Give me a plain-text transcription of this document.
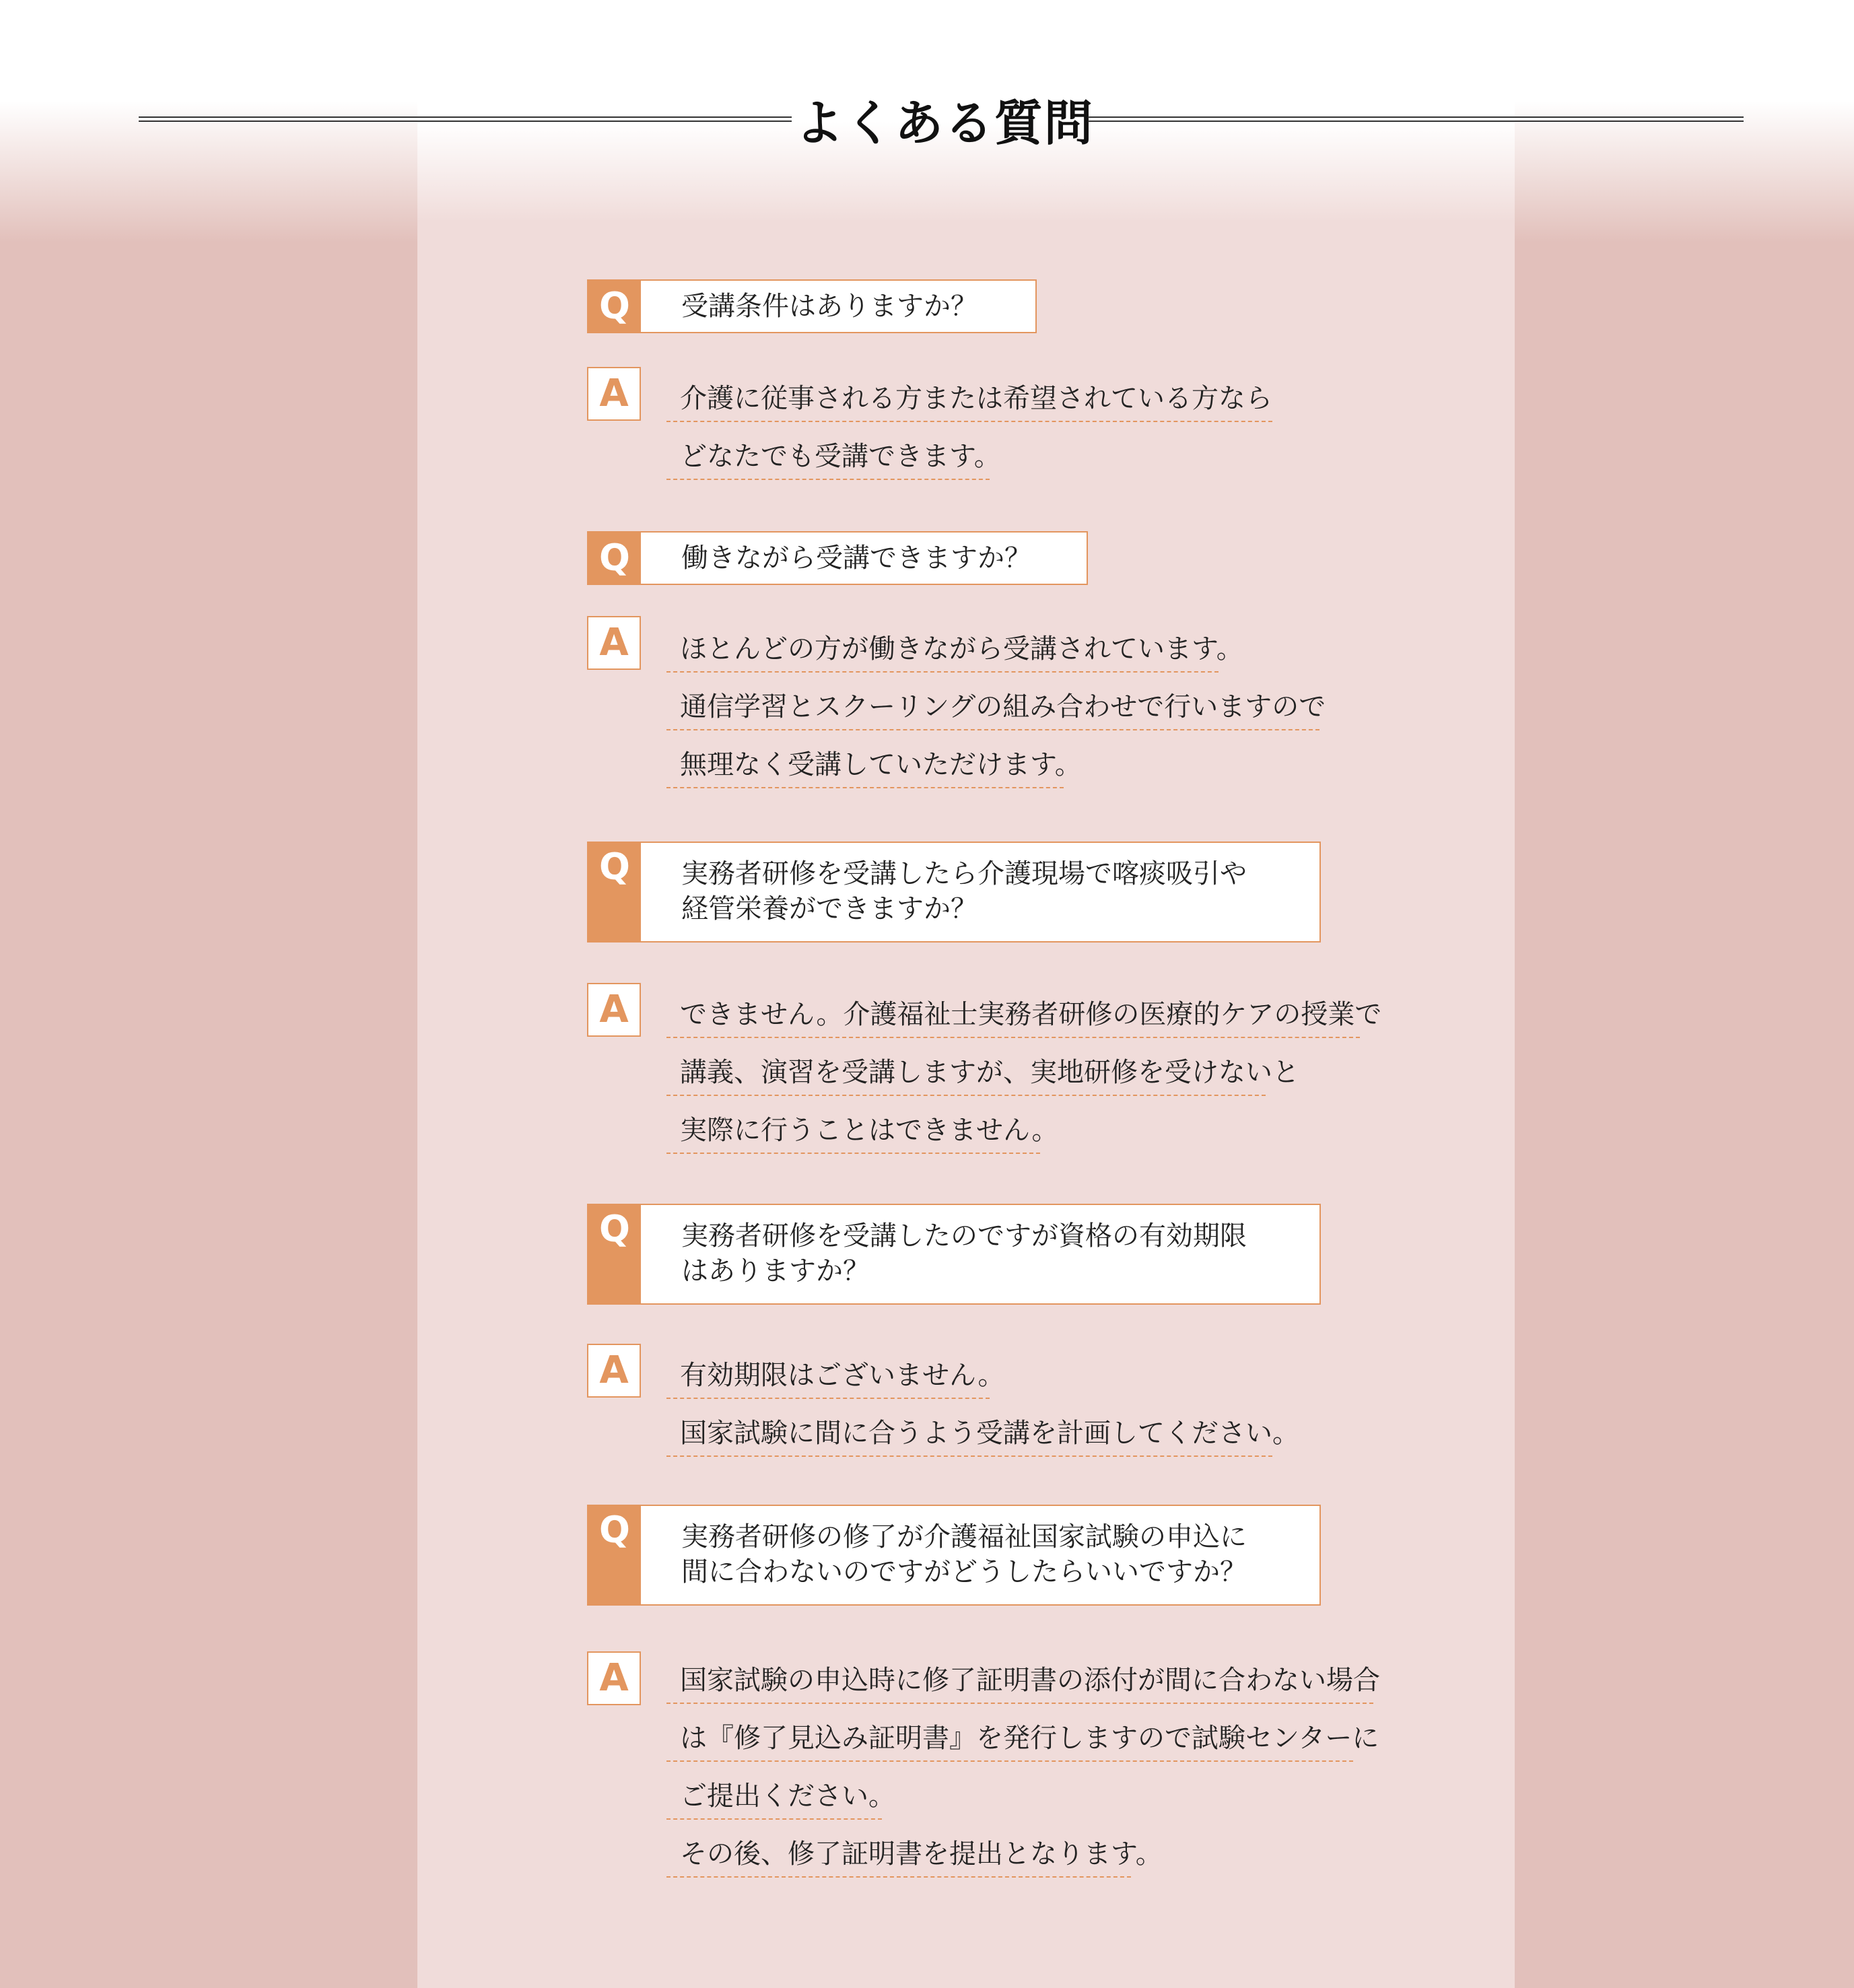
よくある質問
Q	受講条件はありますか？
A	介護に従事される方または希望されている方なら
どなたでも受講できます。
Q	働きながら受講できますか？
A	ほとんどの方が働きながら受講されています。
通信学習とスクーリングの組み合わせで行いますので
無理なく受講していただけます。
Q	実務者研修を受講したら介護現場で喀痰吸引や
経管栄養ができますか？
A	できません。介護福祉士実務者研修の医療的ケアの授業で
講義、演習を受講しますが、実地研修を受けないと
実際に行うことはできません。
Q	実務者研修を受講したのですが資格の有効期限
はありますか？
A	有効期限はございません。
国家試験に間に合うよう受講を計画してください。
Q	実務者研修の修了が介護福祉国家試験の申込に
間に合わないのですがどうしたらいいですか？
A	国家試験の申込時に修了証明書の添付が間に合わない場合
は『修了見込み証明書』を発行しますので試験センターに
ご提出ください。
その後、修了証明書を提出となります。
